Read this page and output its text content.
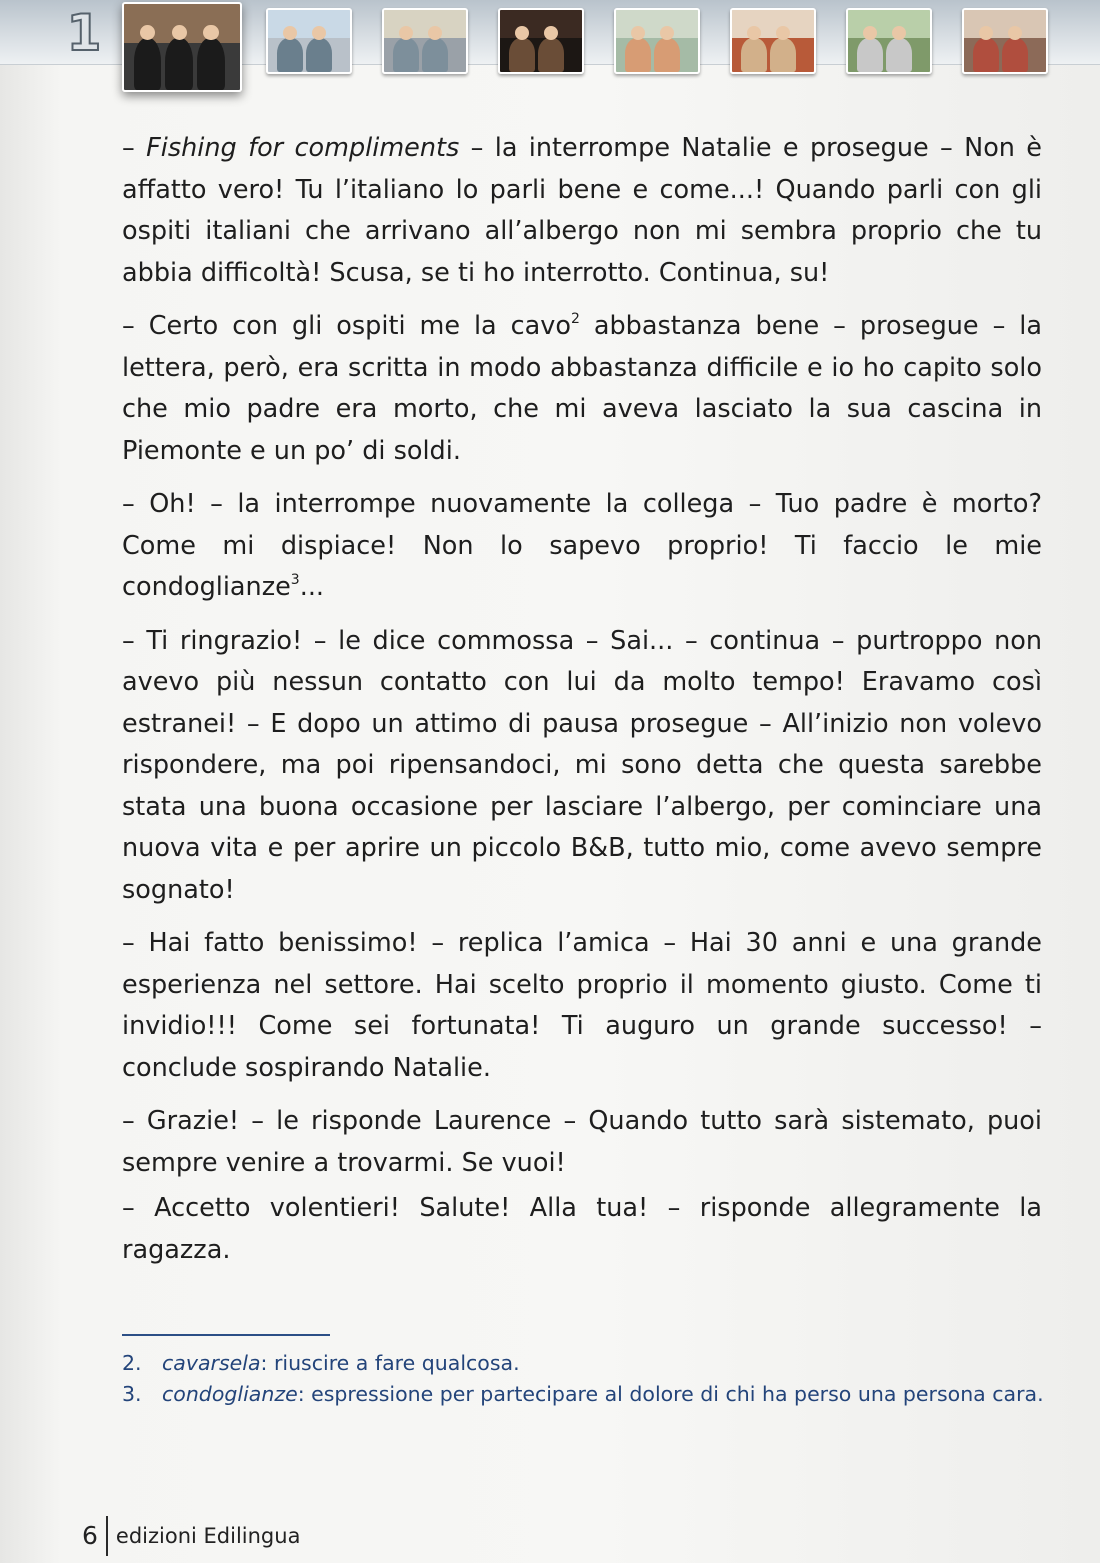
1

– Fishing for compliments – la interrompe Natalie e prosegue – Non è affatto vero! Tu l’italiano lo parli bene e come...! Quando parli con gli ospiti italiani che arrivano all’albergo non mi sembra proprio che tu abbia difficoltà! Scusa, se ti ho interrotto. Continua, su!

– Certo con gli ospiti me la cavo$^2$ abbastanza bene – prosegue – la lettera, però, era scritta in modo abbastanza difficile e io ho capito solo che mio padre era morto, che mi aveva lasciato la sua cascina in Piemonte e un po’ di soldi.

– Oh! – la interrompe nuovamente la collega – Tuo padre è morto? Come mi dispiace! Non lo sapevo proprio! Ti faccio le mie condoglianze$^3$...

– Ti ringrazio! – le dice commossa – Sai... – continua – purtroppo non avevo più nessun contatto con lui da molto tempo! Eravamo così estranei! – E dopo un attimo di pausa prosegue – All’inizio non volevo rispondere, ma poi ripensandoci, mi sono detta che questa sarebbe stata una buona occasione per lasciare l’albergo, per cominciare una nuova vita e per aprire un piccolo B&B, tutto mio, come avevo sempre sognato!

– Hai fatto benissimo! – replica l’amica – Hai 30 anni e una grande esperienza nel settore. Hai scelto proprio il momento giusto. Come ti invidio!!! Come sei fortunata! Ti auguro un grande successo! – conclude sospirando Natalie.

– Grazie! – le risponde Laurence – Quando tutto sarà sistemato, puoi sempre venire a trovarmi. Se vuoi!

– Accetto volentieri! Salute! Alla tua! – risponde allegramente la ragazza.

2. cavarsela: riuscire a fare qualcosa.

3. condoglianze: espressione per partecipare al dolore di chi ha perso una persona cara.

6 edizioni Edilingua
